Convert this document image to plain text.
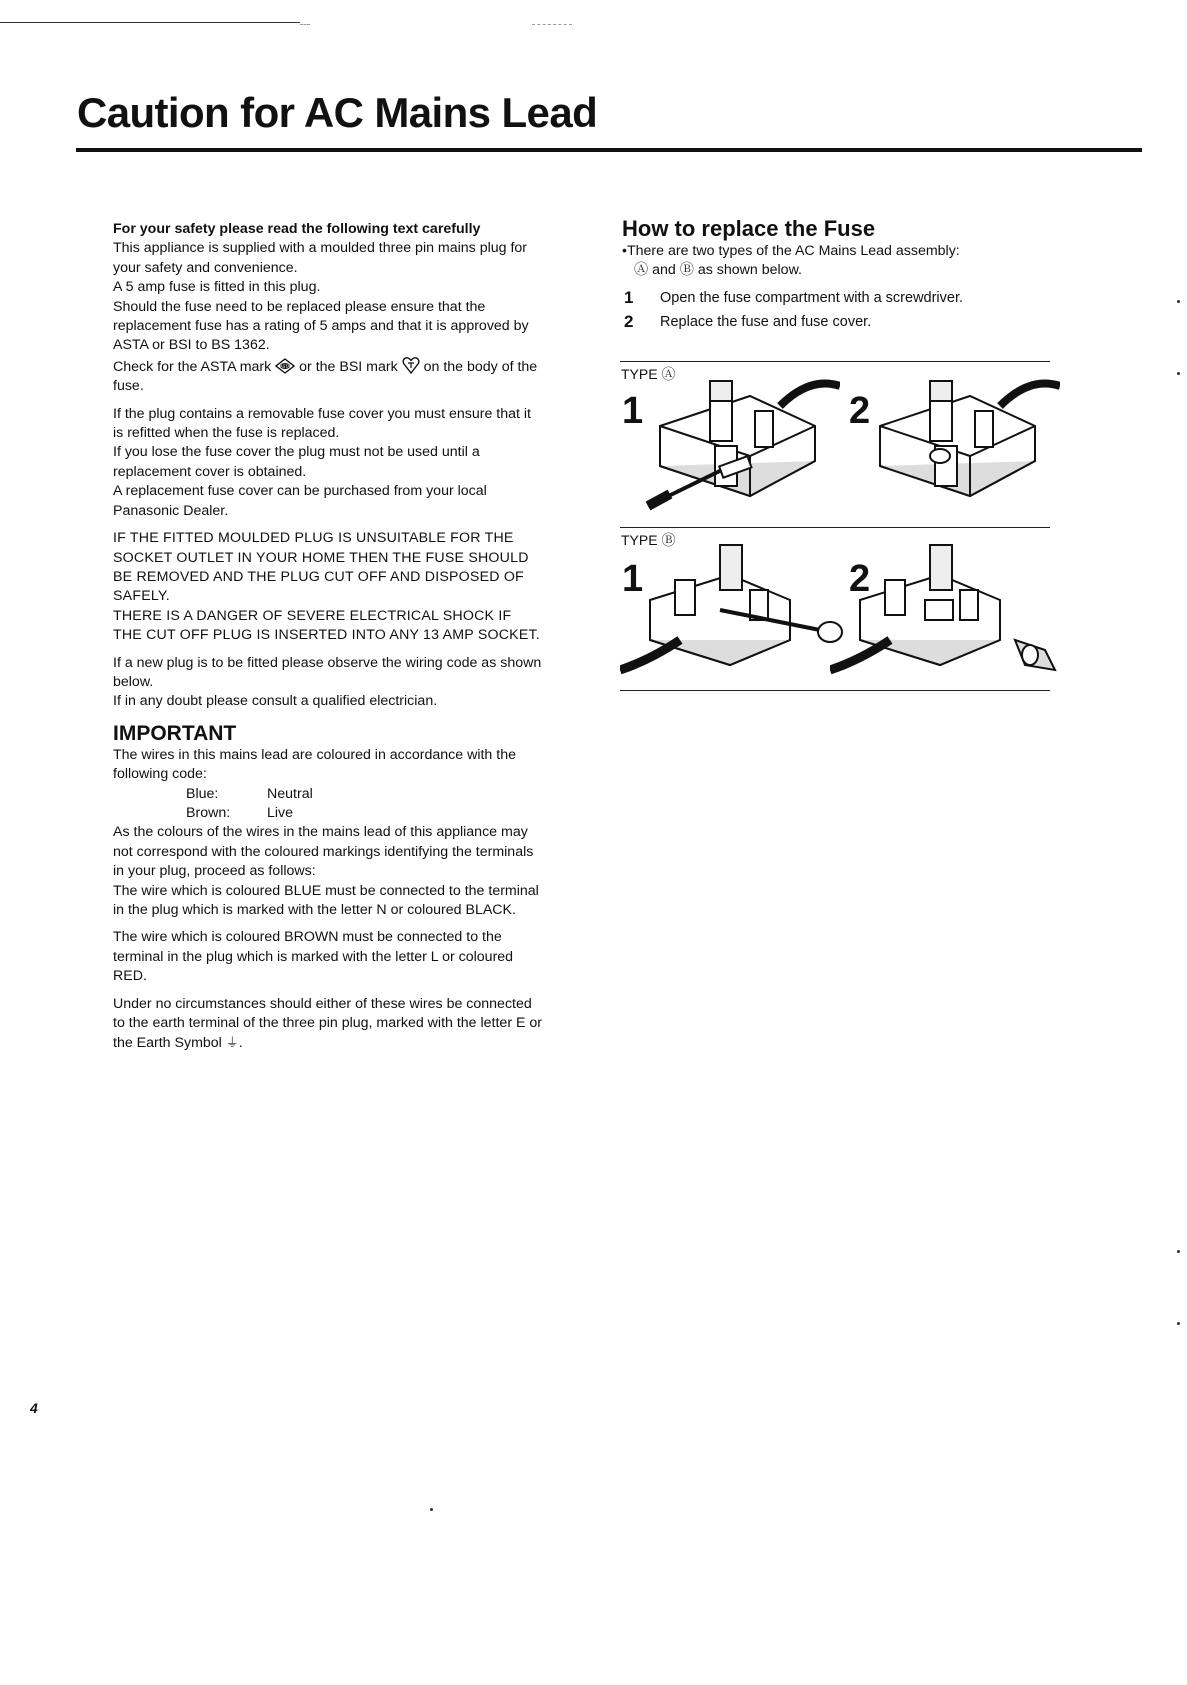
Caution for AC Mains Lead

For your safety please read the following text carefully

This appliance is supplied with a moulded three pin mains plug for your safety and convenience.

A 5 amp fuse is fitted in this plug.

Should the fuse need to be replaced please ensure that the replacement fuse has a rating of 5 amps and that it is approved by ASTA or BSI to BS 1362.

Check for the ASTA mark ASTA or the BSI mark on the body of the fuse.

If the plug contains a removable fuse cover you must ensure that it is refitted when the fuse is replaced.

If you lose the fuse cover the plug must not be used until a replacement cover is obtained.

A replacement fuse cover can be purchased from your local Panasonic Dealer.

IF THE FITTED MOULDED PLUG IS UNSUITABLE FOR THE SOCKET OUTLET IN YOUR HOME THEN THE FUSE SHOULD BE REMOVED AND THE PLUG CUT OFF AND DISPOSED OF SAFELY.

THERE IS A DANGER OF SEVERE ELECTRICAL SHOCK IF THE CUT OFF PLUG IS INSERTED INTO ANY 13 AMP SOCKET.

If a new plug is to be fitted please observe the wiring code as shown below.

If in any doubt please consult a qualified electrician.

IMPORTANT

The wires in this mains lead are coloured in accordance with the following code:

Blue:	Neutral
Brown:	Live

As the colours of the wires in the mains lead of this appliance may not correspond with the coloured markings identifying the terminals in your plug, proceed as follows:

The wire which is coloured BLUE must be connected to the terminal in the plug which is marked with the letter N or coloured BLACK.

The wire which is coloured BROWN must be connected to the terminal in the plug which is marked with the letter L or coloured RED.

Under no circumstances should either of these wires be connected to the earth terminal of the three pin plug, marked with the letter E or the Earth Symbol ⏚.

How to replace the Fuse
•There are two types of the AC Mains Lead assembly:
Ⓐ and Ⓑ as shown below.
1	Open the fuse compartment with a screwdriver.
2	Replace the fuse and fuse cover.
TYPE Ⓐ
1	2
TYPE Ⓑ
1	2
4
